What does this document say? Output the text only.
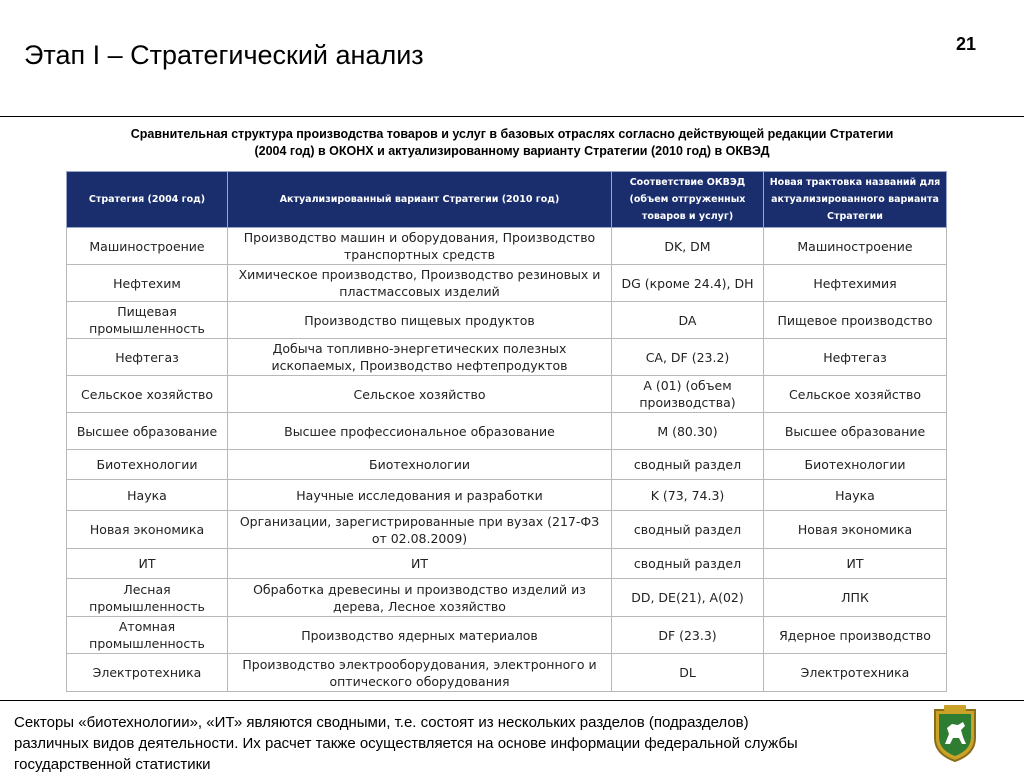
Этап I – Стратегический анализ	21
Сравнительная структура производства товаров и услуг в базовых отраслях согласно действующей редакции Стратегии
(2004 год) в ОКОНХ и актуализированному варианту Стратегии (2010 год) в ОКВЭД
Стратегия (2004 год)	Актуализированный вариант Стратегии (2010 год)	Соответствие ОКВЭД (объем отгруженных товаров и услуг)	Новая трактовка названий для актуализированного варианта Стратегии
Машиностроение	Производство машин и оборудования, Производство транспортных средств	DK, DM	Машиностроение
Нефтехим	Химическое производство, Производство резиновых и пластмассовых изделий	DG (кроме 24.4), DH	Нефтехимия
Пищевая промышленность	Производство пищевых продуктов	DA	Пищевое производство
Нефтегаз	Добыча топливно-энергетических полезных ископаемых, Производство нефтепродуктов	CA, DF (23.2)	Нефтегаз
Сельское хозяйство	Сельское хозяйство	A (01) (объем производства)	Сельское хозяйство
Высшее образование	Высшее профессиональное образование	M (80.30)	Высшее образование
Биотехнологии	Биотехнологии	сводный раздел	Биотехнологии
Наука	Научные исследования и разработки	K (73, 74.3)	Наука
Новая экономика	Организации, зарегистрированные при вузах (217-ФЗ от 02.08.2009)	сводный раздел	Новая экономика
ИТ	ИТ	сводный раздел	ИТ
Лесная промышленность	Обработка древесины и производство изделий из дерева, Лесное хозяйство	DD, DE(21), A(02)	ЛПК
Атомная промышленность	Производство ядерных материалов	DF (23.3)	Ядерное производство
Электротехника	Производство электрооборудования, электронного и оптического оборудования	DL	Электротехника
Секторы «биотехнологии», «ИТ» являются сводными, т.е. состоят из нескольких разделов (подразделов)
различных видов деятельности. Их расчет также осуществляется на основе информации федеральной службы
государственной статистики
